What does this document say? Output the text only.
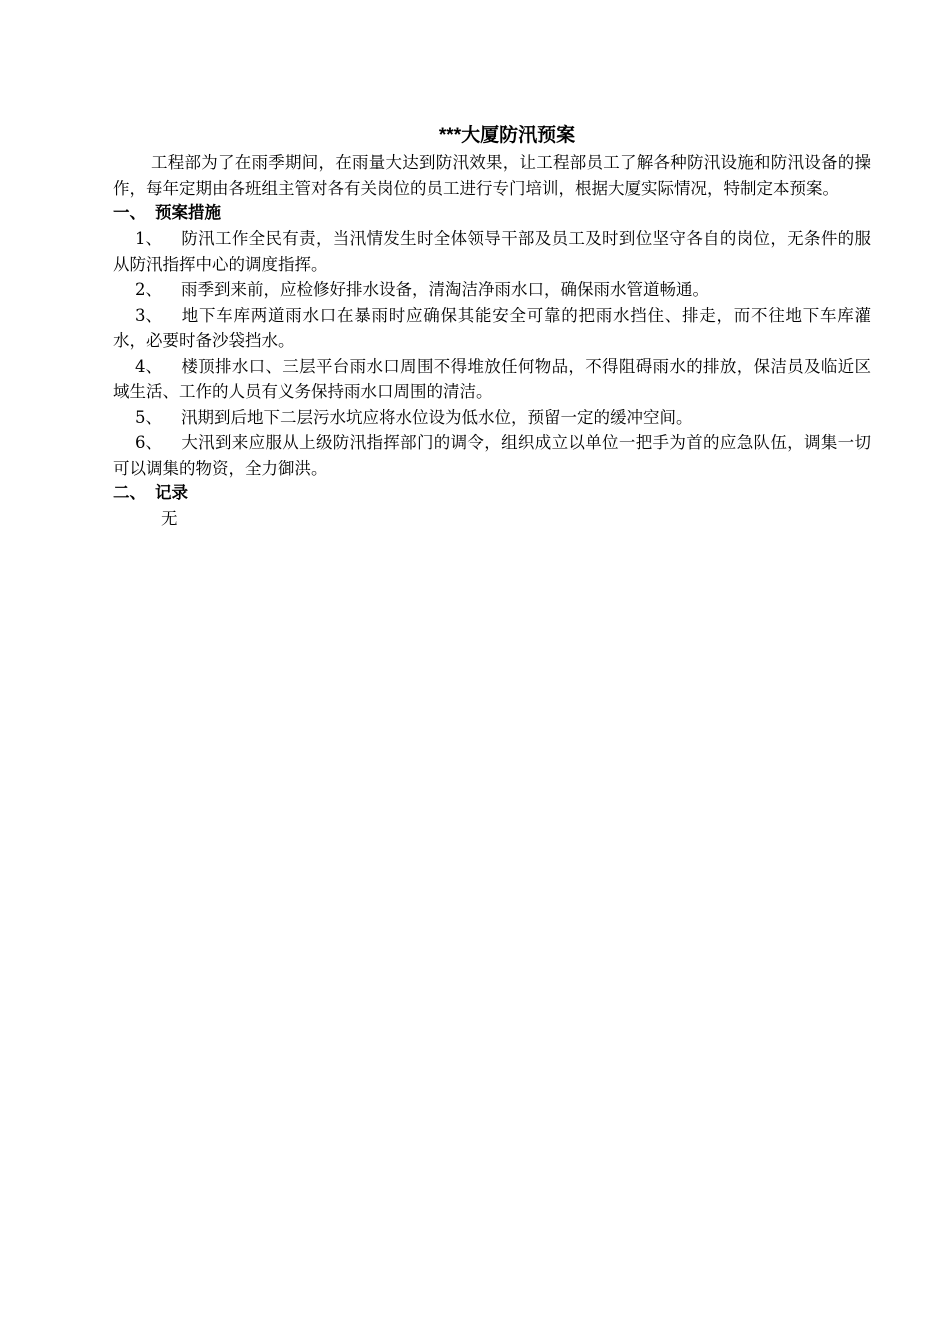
***大厦防汛预案

工程部为了在雨季期间，在雨量大达到防汛效果，让工程部员工了解各种防汛设施和防汛设备的操作，每年定期由各班组主管对各有关岗位的员工进行专门培训，根据大厦实际情况，特制定本预案。

一、 预案措施

1、 防汛工作全民有责，当汛情发生时全体领导干部及员工及时到位坚守各自的岗位，无条件的服从防汛指挥中心的调度指挥。

2、 雨季到来前，应检修好排水设备，清淘洁净雨水口，确保雨水管道畅通。

3、 地下车库两道雨水口在暴雨时应确保其能安全可靠的把雨水挡住、排走，而不往地下车库灌水，必要时备沙袋挡水。

4、 楼顶排水口、三层平台雨水口周围不得堆放任何物品，不得阻碍雨水的排放，保洁员及临近区域生活、工作的人员有义务保持雨水口周围的清洁。

5、 汛期到后地下二层污水坑应将水位设为低水位，预留一定的缓冲空间。

6、 大汛到来应服从上级防汛指挥部门的调令，组织成立以单位一把手为首的应急队伍，调集一切可以调集的物资，全力御洪。

二、 记录

无
